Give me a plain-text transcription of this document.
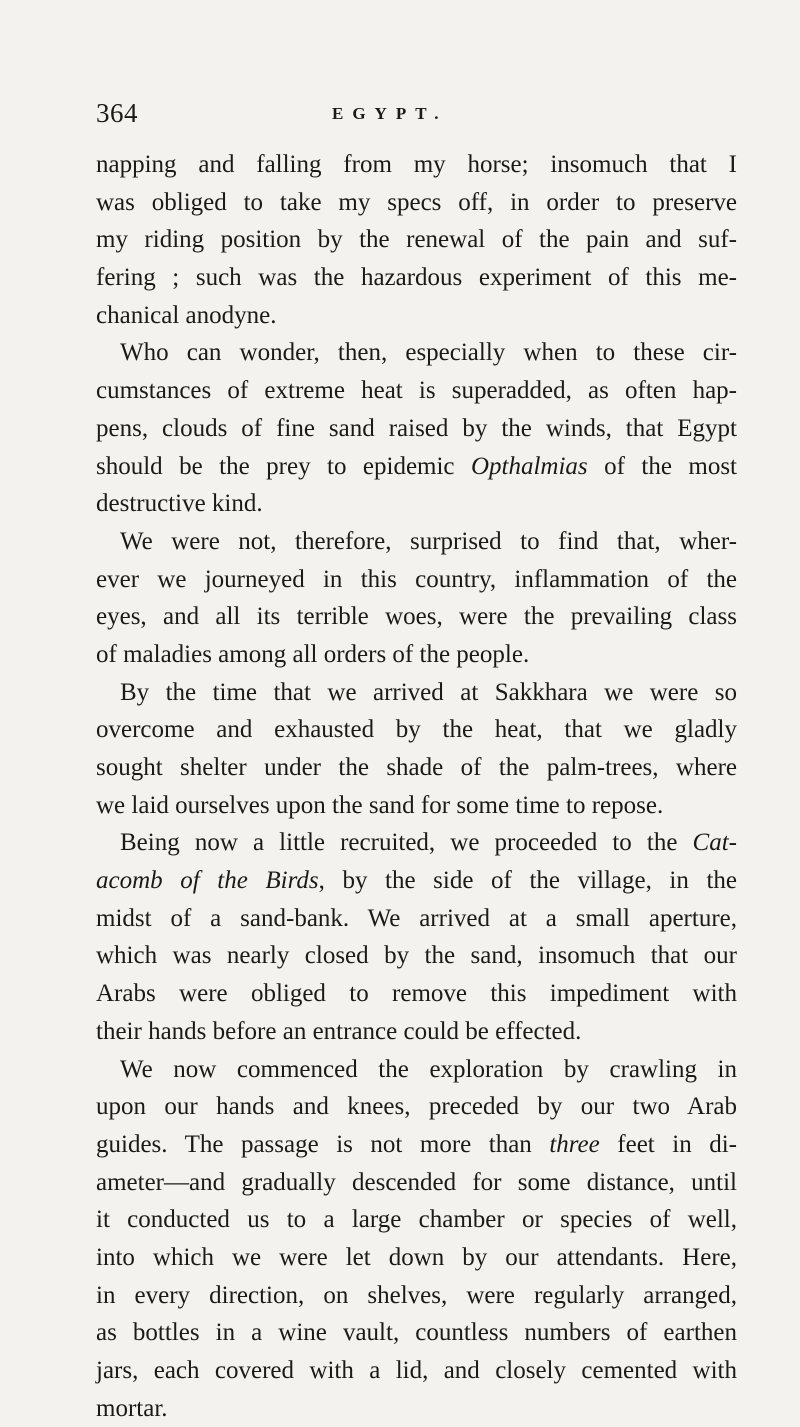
364	EGYPT.
napping and falling from my horse; insomuch that I
was obliged to take my specs off, in order to preserve
my riding position by the renewal of the pain and suf-
fering ; such was the hazardous experiment of this me-
chanical anodyne.
Who can wonder, then, especially when to these cir-
cumstances of extreme heat is superadded, as often hap-
pens, clouds of fine sand raised by the winds, that Egypt
should be the prey to epidemic Opthalmias of the most
destructive kind.
We were not, therefore, surprised to find that, wher-
ever we journeyed in this country, inflammation of the
eyes, and all its terrible woes, were the prevailing class
of maladies among all orders of the people.
By the time that we arrived at Sakkhara we were so
overcome and exhausted by the heat, that we gladly
sought shelter under the shade of the palm-trees, where
we laid ourselves upon the sand for some time to repose.
Being now a little recruited, we proceeded to the Cat-
acomb of the Birds, by the side of the village, in the
midst of a sand-bank. We arrived at a small aperture,
which was nearly closed by the sand, insomuch that our
Arabs were obliged to remove this impediment with
their hands before an entrance could be effected.
We now commenced the exploration by crawling in
upon our hands and knees, preceded by our two Arab
guides. The passage is not more than three feet in di-
ameter—and gradually descended for some distance, until
it conducted us to a large chamber or species of well,
into which we were let down by our attendants. Here,
in every direction, on shelves, were regularly arranged,
as bottles in a wine vault, countless numbers of earthen
jars, each covered with a lid, and closely cemented with
mortar.
